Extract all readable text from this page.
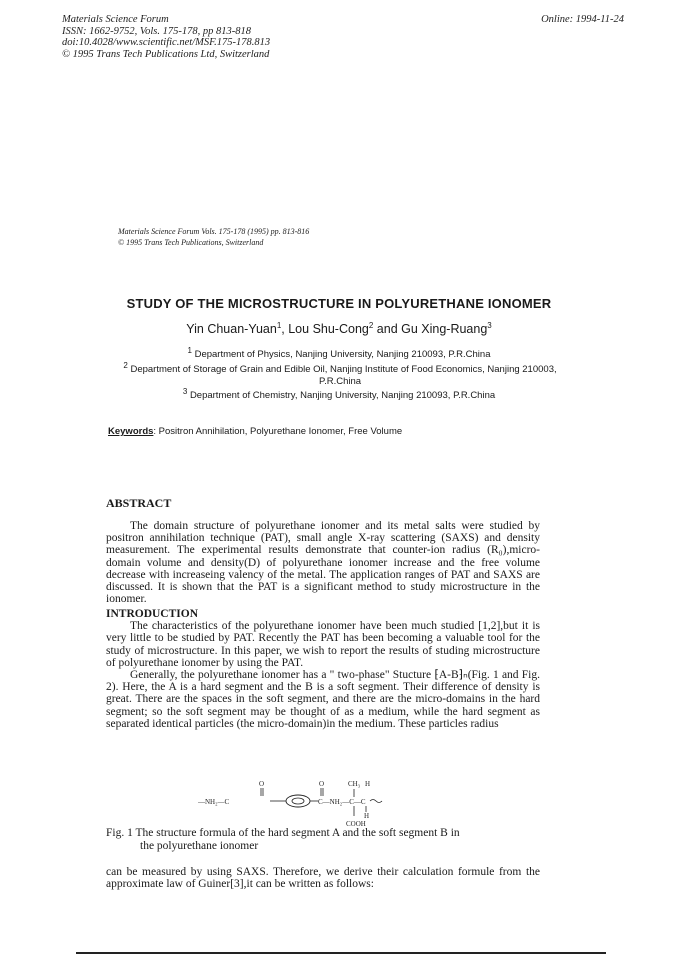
Materials Science Forum
ISSN: 1662-9752, Vols. 175-178, pp 813-818
doi:10.4028/www.scientific.net/MSF.175-178.813
© 1995 Trans Tech Publications Ltd, Switzerland
Online: 1994-11-24
Materials Science Forum Vols. 175-178 (1995) pp. 813-816
© 1995 Trans Tech Publications, Switzerland
STUDY OF THE MICROSTRUCTURE IN POLYURETHANE IONOMER
Yin Chuan-Yuan$^1$, Lou Shu-Cong$^2$ and Gu Xing-Ruang$^3$
$^1$ Department of Physics, Nanjing University, Nanjing 210093, P.R.China
$^2$ Department of Storage of Grain and Edible Oil, Nanjing Institute of Food Economics, Nanjing 210003, P.R.China
$^3$ Department of Chemistry, Nanjing University, Nanjing 210093, P.R.China
Keywords: Positron Annihilation, Polyurethane Ionomer, Free Volume
ABSTRACT
The domain structure of polyurethane ionomer and its metal salts were studied by positron annihilation technique (PAT), small angle X-ray scattering (SAXS) and density measurement. The experimental results demonstrate that counter-ion radius (R₀),micro-domain volume and density(D) of polyurethane ionomer increase and the free volume decrease with increaseing valency of the metal. The application ranges of PAT and SAXS are discussed. It is shown that the PAT is a significant method to study microstructure in the ionomer.
INTRODUCTION
The characteristics of the polyurethane ionomer have been much studied [1,2],but it is very little to be studied by PAT. Recently the PAT has been becoming a valuable tool for the study of microstructure. In this paper, we wish to report the results of studing microstructure of polyurethane ionomer by using the PAT.
Generally, the polyurethane ionomer has a " two-phase" Stucture ⁅A-B⁆ₙ(Fig. 1 and Fig. 2). Here, the A is a hard segment and the B is a soft segment. Their difference of density is great. There are the spaces in the soft segment, and there are the micro-domains in the hard segment; so the soft segment may be thought of as a medium, while the hard segment as separated identical particles (the micro-domain)in the medium. These particles radius
O	O	CH₃ H
—NH₂—C	C—NH₂—C—C
H
COOH
Fig. 1 The structure formula of the hard segment A and the soft segment B in
the polyurethane ionomer
can be measured by using SAXS. Therefore, we derive their calculation formule from the approximate law of Guiner[3],it can be written as follows:
